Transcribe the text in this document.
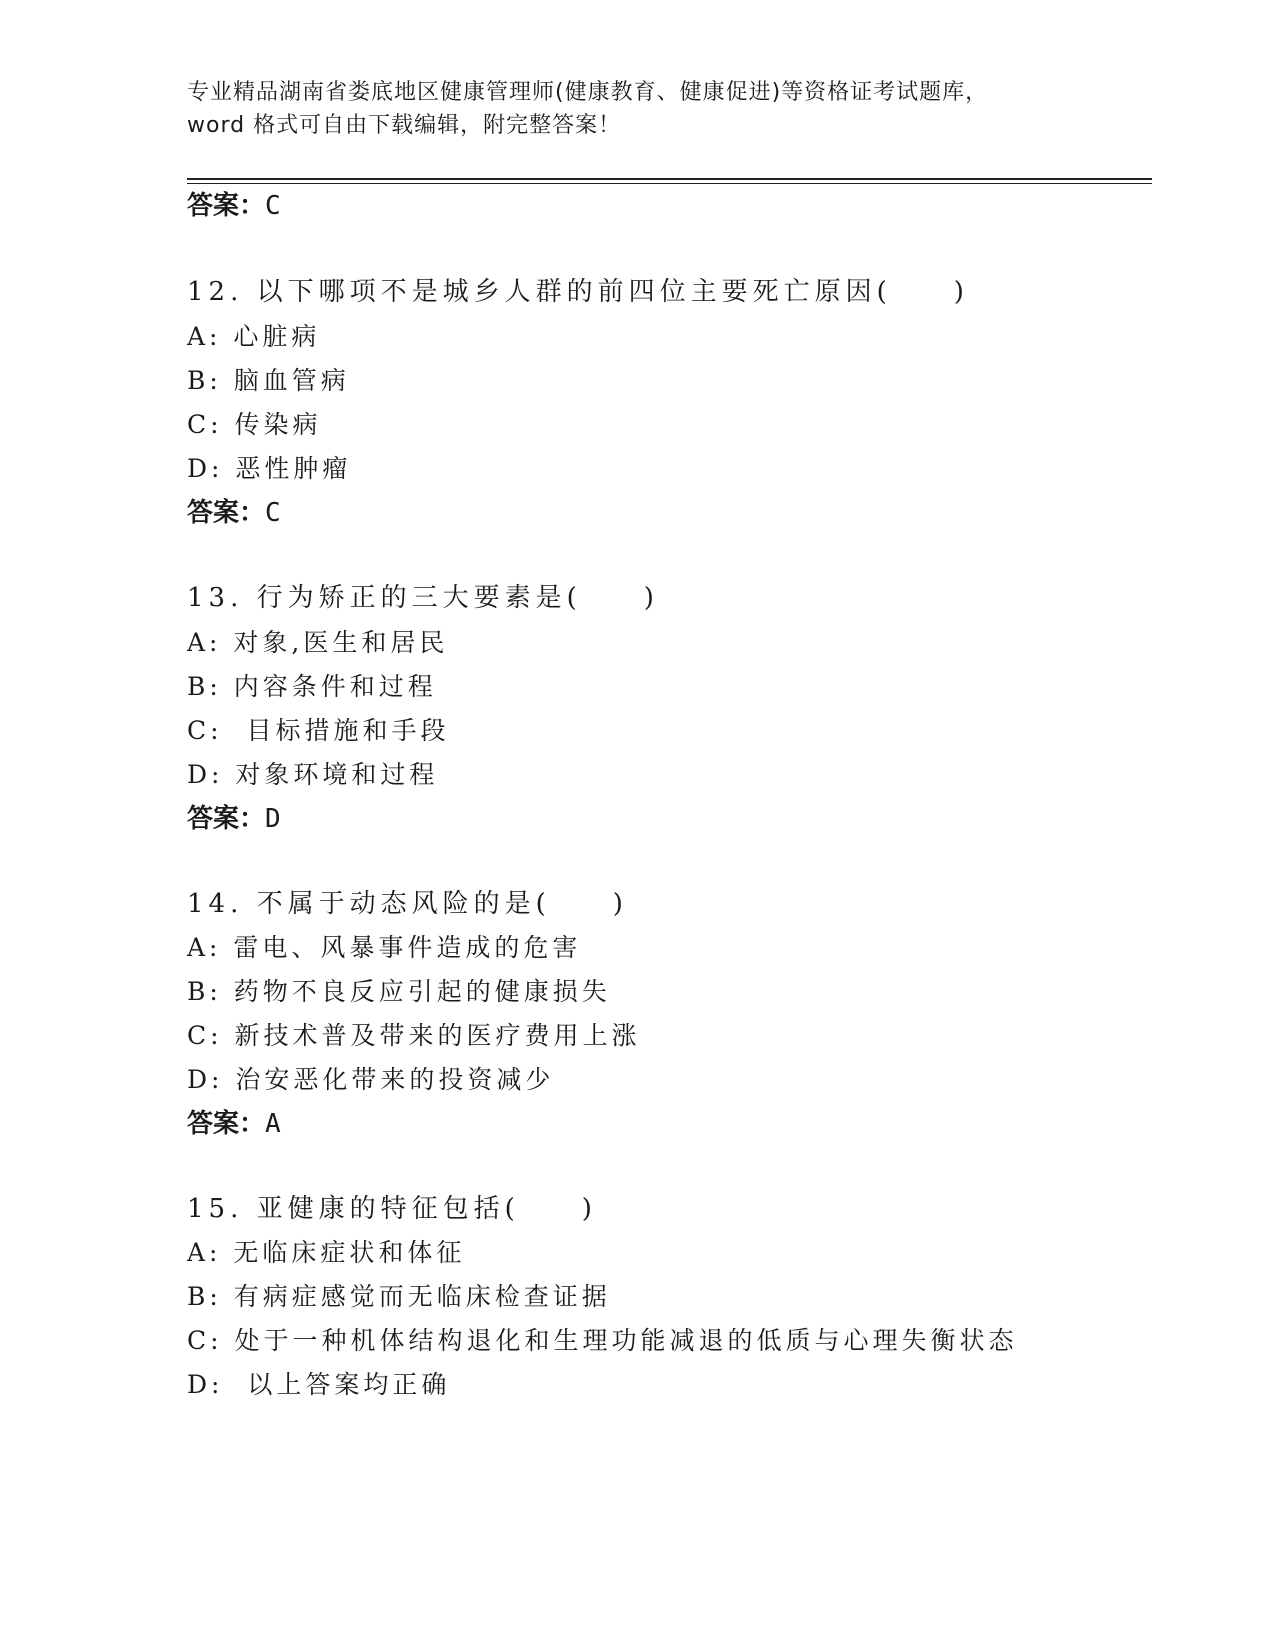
专业精品湖南省娄底地区健康管理师(健康教育、健康促进)等资格证考试题库，
word 格式可自由下载编辑，附完整答案！
答案：C
12. 以下哪项不是城乡人群的前四位主要死亡原因(　　)
A: 心脏病
B: 脑血管病
C: 传染病
D: 恶性肿瘤
答案：C
13. 行为矫正的三大要素是(　　)
A: 对象,医生和居民
B: 内容条件和过程
C:  目标措施和手段
D: 对象环境和过程
答案：D
14. 不属于动态风险的是(　　)
A: 雷电、风暴事件造成的危害
B: 药物不良反应引起的健康损失
C: 新技术普及带来的医疗费用上涨
D: 治安恶化带来的投资减少
答案：A
15. 亚健康的特征包括(　　)
A: 无临床症状和体征
B: 有病症感觉而无临床检查证据
C: 处于一种机体结构退化和生理功能减退的低质与心理失衡状态
D:  以上答案均正确
